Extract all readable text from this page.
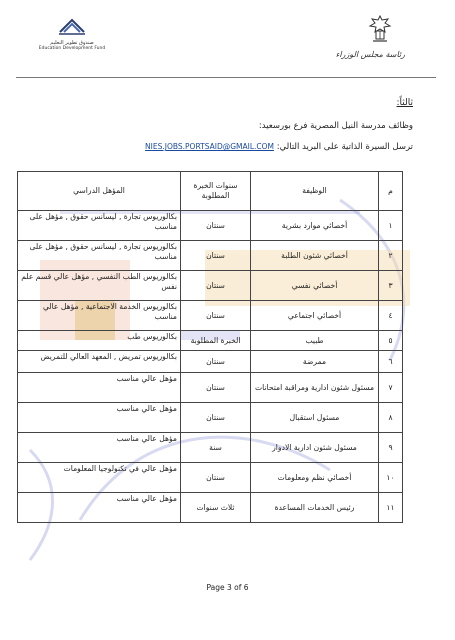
رئاسة مجلس الوزراء
صندوق تطوير التعليم
Education Development Fund
ثالثاً:
وظائف مدرسة النيل المصرية فرع بورسعيد:
ترسل السيرة الذاتية على البريد التالي: NIES.JOBS.PORTSAID@GMAIL.COM
م	الوظيفة	سنوات الخبرة المطلوبة	المؤهل الدراسي
١	أخصائي موارد بشرية	سنتان	بكالوريوس تجارة , ليسانس حقوق , مؤهل على مناسب
٢	أخصائي شئون الطلبة	سنتان	بكالوريوس تجارة , ليسانس حقوق , مؤهل على مناسب
٣	أخصائي نفسي	سنتان	بكالوريوس الطب النفسي , مؤهل عالي قسم علم نفس
٤	أخصائي اجتماعي	سنتان	بكالوريوس الخدمة الاجتماعية , مؤهل عالي مناسب
٥	طبيب	الخبرة المطلوبة	بكالوريوس طب
٦	ممرضة	سنتان	بكالوريوس تمريض , المعهد العالي للتمريض
٧	مسئول شئون ادارية ومراقبة امتحانات	سنتان	مؤهل عالي مناسب
٨	مسئول استقبال	سنتان	مؤهل عالي مناسب
٩	مسئول شئون ادارية الادوار	سنة	مؤهل عالي مناسب
١٠	أخصائي نظم ومعلومات	سنتان	مؤهل عالي في تكنولوجيا المعلومات
١١	رئيس الخدمات المساعدة	ثلاث سنوات	مؤهل عالي مناسب
Page 3 of 6
